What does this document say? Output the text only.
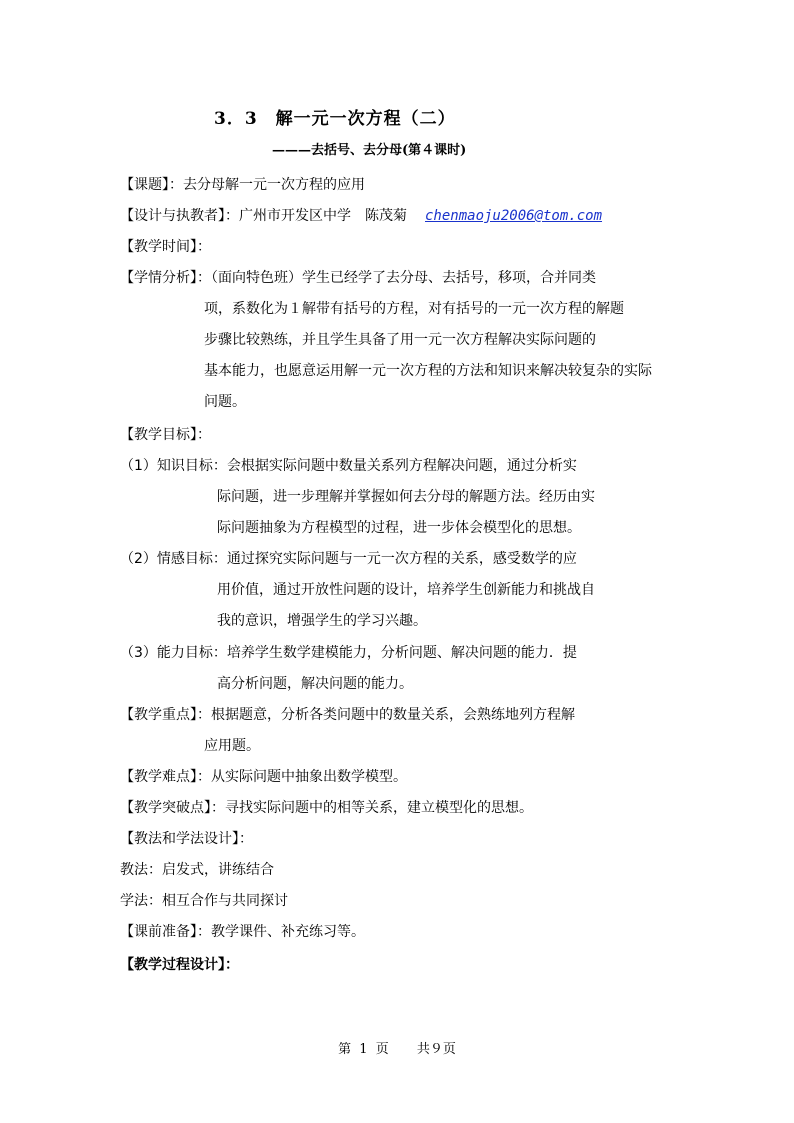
3．3　解一元一次方程（二）
———去括号、去分母(第４课时)
【课题】：去分母解一元一次方程的应用
【设计与执教者】：广州市开发区中学　陈茂菊 chenmaoju2006@tom.com
【教学时间】：
【学情分析】：（面向特色班）学生已经学了去分母、去括号，移项，合并同类
项，系数化为１解带有括号的方程，对有括号的一元一次方程的解题
步骤比较熟练，并且学生具备了用一元一次方程解决实际问题的
基本能力，也愿意运用解一元一次方程的方法和知识来解决较复杂的实际
问题。
【教学目标】：
（1）知识目标：会根据实际问题中数量关系列方程解决问题，通过分析实
际问题，进一步理解并掌握如何去分母的解题方法。经历由实
际问题抽象为方程模型的过程，进一步体会模型化的思想。
（2）情感目标：通过探究实际问题与一元一次方程的关系，感受数学的应
用价值，通过开放性问题的设计，培养学生创新能力和挑战自
我的意识，增强学生的学习兴趣。
（3）能力目标：培养学生数学建模能力，分析问题、解决问题的能力．提
高分析问题，解决问题的能力。
【教学重点】：根据题意，分析各类问题中的数量关系，会熟练地列方程解
应用题。
【教学难点】：从实际问题中抽象出数学模型。
【教学突破点】：寻找实际问题中的相等关系，建立模型化的思想。
【教法和学法设计】：
教法：启发式，讲练结合
学法：相互合作与共同探讨
【课前准备】：教学课件、补充练习等。
【教学过程设计】：
第 1 页 共９页
